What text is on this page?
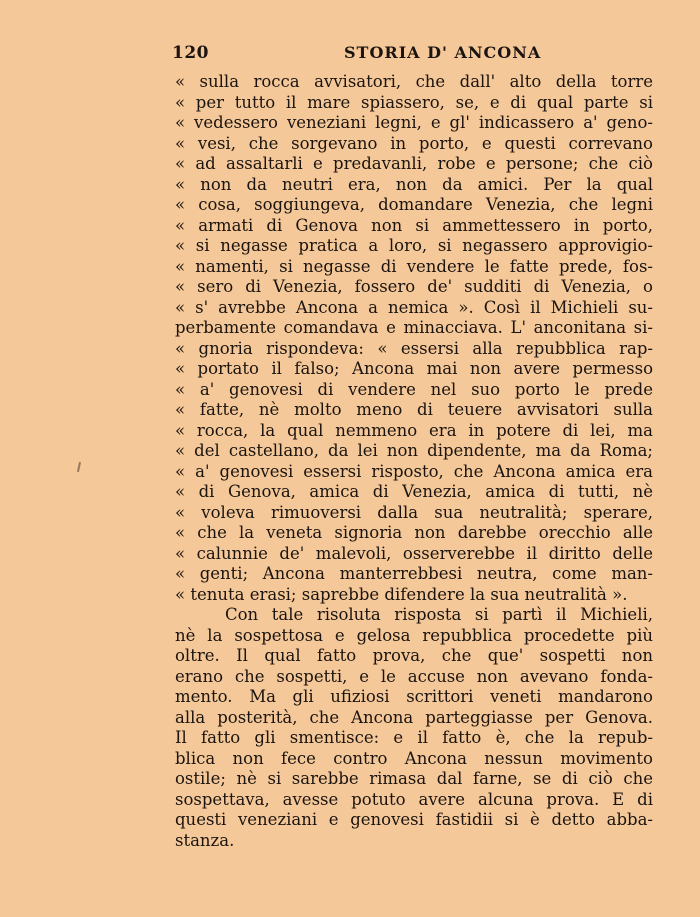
120	STORIA D' ANCONA
« sulla rocca avvisatori, che dall' alto della torre
« per tutto il mare spiassero, se, e di qual parte si
« vedessero veneziani legni, e gl' indicassero a' geno-
« vesi, che sorgevano in porto, e questi correvano
« ad assaltarli e predavanli, robe e persone; che ciò
« non da neutri era, non da amici. Per la qual
« cosa, soggiungeva, domandare Venezia, che legni
« armati di Genova non si ammettessero in porto,
« si negasse pratica a loro, si negassero approvigio-
« namenti, si negasse di vendere le fatte prede, fos-
« sero di Venezia, fossero de' sudditi di Venezia, o
« s' avrebbe Ancona a nemica ». Così il Michieli su-
perbamente comandava e minacciava. L' anconitana si-
« gnoria rispondeva: « essersi alla repubblica rap-
« portato il falso; Ancona mai non avere permesso
« a' genovesi di vendere nel suo porto le prede
« fatte, nè molto meno di teuere avvisatori sulla
« rocca, la qual nemmeno era in potere di lei, ma
« del castellano, da lei non dipendente, ma da Roma;
« a' genovesi essersi risposto, che Ancona amica era
« di Genova, amica di Venezia, amica di tutti, nè
« voleva rimuoversi dalla sua neutralità; sperare,
« che la veneta signoria non darebbe orecchio alle
« calunnie de' malevoli, osserverebbe il diritto delle
« genti; Ancona manterrebbesi neutra, come man-
« tenuta erasi; saprebbe difendere la sua neutralità ».
Con tale risoluta risposta si partì il Michieli,
nè la sospettosa e gelosa repubblica procedette più
oltre. Il qual fatto prova, che que' sospetti non
erano che sospetti, e le accuse non avevano fonda-
mento. Ma gli ufiziosi scrittori veneti mandarono
alla posterità, che Ancona parteggiasse per Genova.
Il fatto gli smentisce: e il fatto è, che la repub-
blica non fece contro Ancona nessun movimento
ostile; nè si sarebbe rimasa dal farne, se di ciò che
sospettava, avesse potuto avere alcuna prova. E di
questi veneziani e genovesi fastidii si è detto abba-
stanza.
